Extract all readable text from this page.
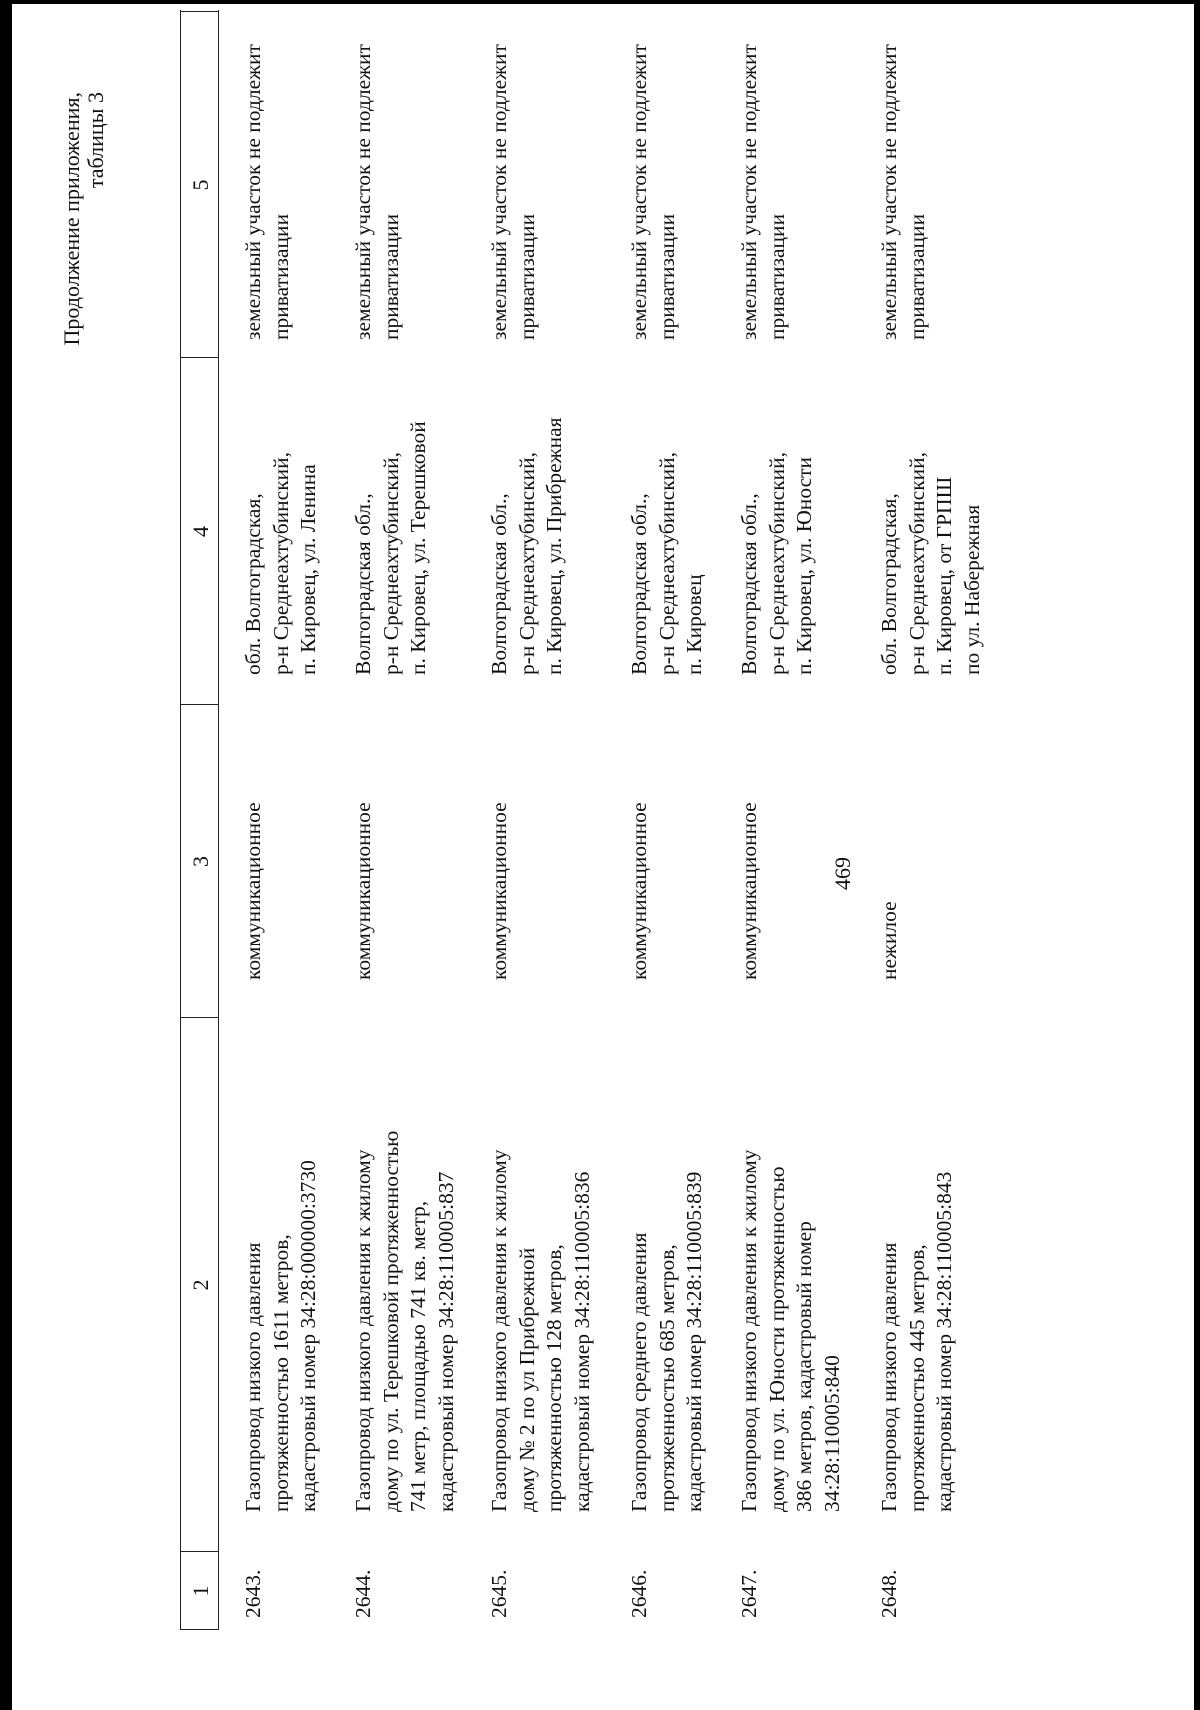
469
Продолжение приложения, таблицы 3
1
2
3
4
5
2643.
Газопровод низкого давления
протяженностью 1611 метров,
кадастровый номер 34:28:000000:3730
коммуникационное
обл. Волгоградская,
р-н Среднеахтубинский,
п. Кировец, ул. Ленина
земельный участок не подлежит
приватизации
2644.
Газопровод низкого давления к жилому
дому по ул. Терешковой протяженностью
741 метр, площадью 741 кв. метр,
кадастровый номер 34:28:110005:837
коммуникационное
Волгоградская обл.,
р-н Среднеахтубинский,
п. Кировец, ул. Терешковой
земельный участок не подлежит
приватизации
2645.
Газопровод низкого давления к жилому
дому № 2 по ул Прибрежной
протяженностью 128 метров,
кадастровый номер 34:28:110005:836
коммуникационное
Волгоградская обл.,
р-н Среднеахтубинский,
п. Кировец, ул. Прибрежная
земельный участок не подлежит
приватизации
2646.
Газопровод среднего давления
протяженностью 685 метров,
кадастровый номер 34:28:110005:839
коммуникационное
Волгоградская обл.,
р-н Среднеахтубинский,
п. Кировец
земельный участок не подлежит
приватизации
2647.
Газопровод низкого давления к жилому
дому по ул. Юности протяженностью
386 метров, кадастровый номер
34:28:110005:840
коммуникационное
Волгоградская обл.,
р-н Среднеахтубинский,
п. Кировец, ул. Юности
земельный участок не подлежит
приватизации
2648.
Газопровод низкого давления
протяженностью 445 метров,
кадастровый номер 34:28:110005:843
нежилое
обл. Волгоградская,
р-н Среднеахтубинский,
п. Кировец, от ГРПШ
по ул. Набережная
земельный участок не подлежит
приватизации
